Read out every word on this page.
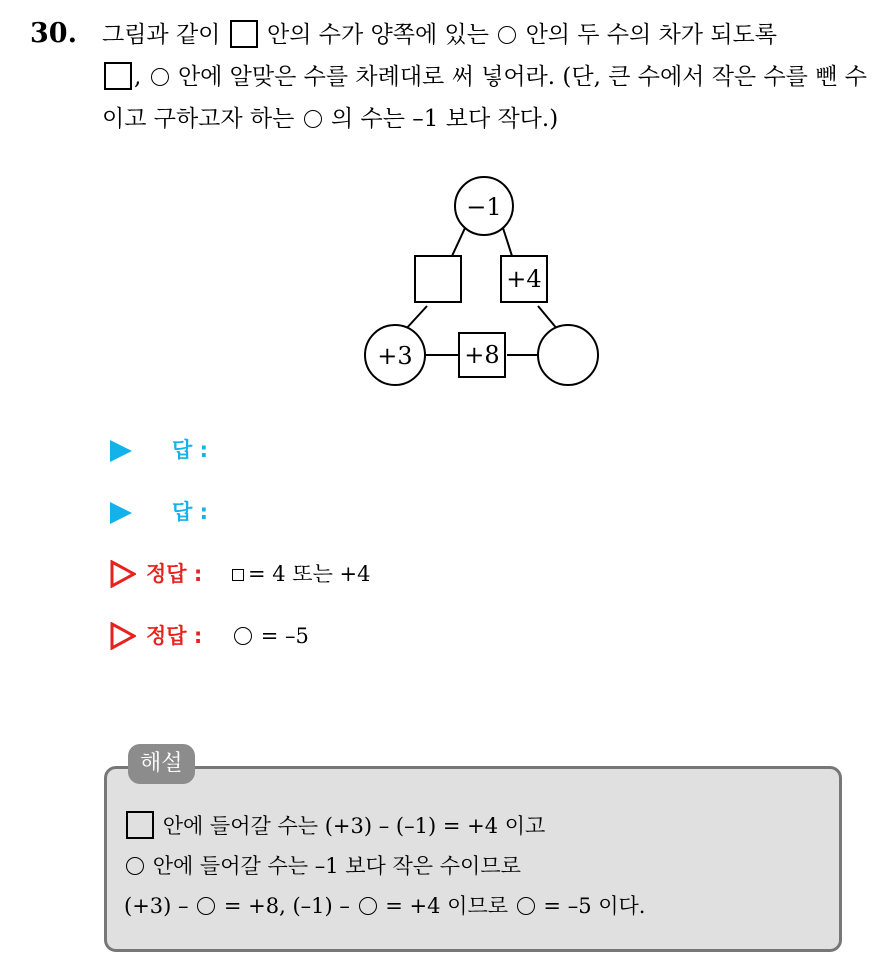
30. 그림과 같이 안의 수가 양쪽에 있는 안의 두 수의 차가 되도록
, 안에 알맞은 수를 차례대로 써 넣어라. (단, 큰 수에서 작은 수를 뺀 수이고 구하고자 하는 의 수는 –1 보다 작다.)
−1
+4
+3 +8
답 :
답 :
정답 :	= 4 또는 +4
정답 :	= –5
해설
안에 들어갈 수는 (+3) – (–1) = +4 이고
안에 들어갈 수는 –1 보다 작은 수이므로
(+3) – = +8, (–1) – = +4 이므로 = –5 이다.
